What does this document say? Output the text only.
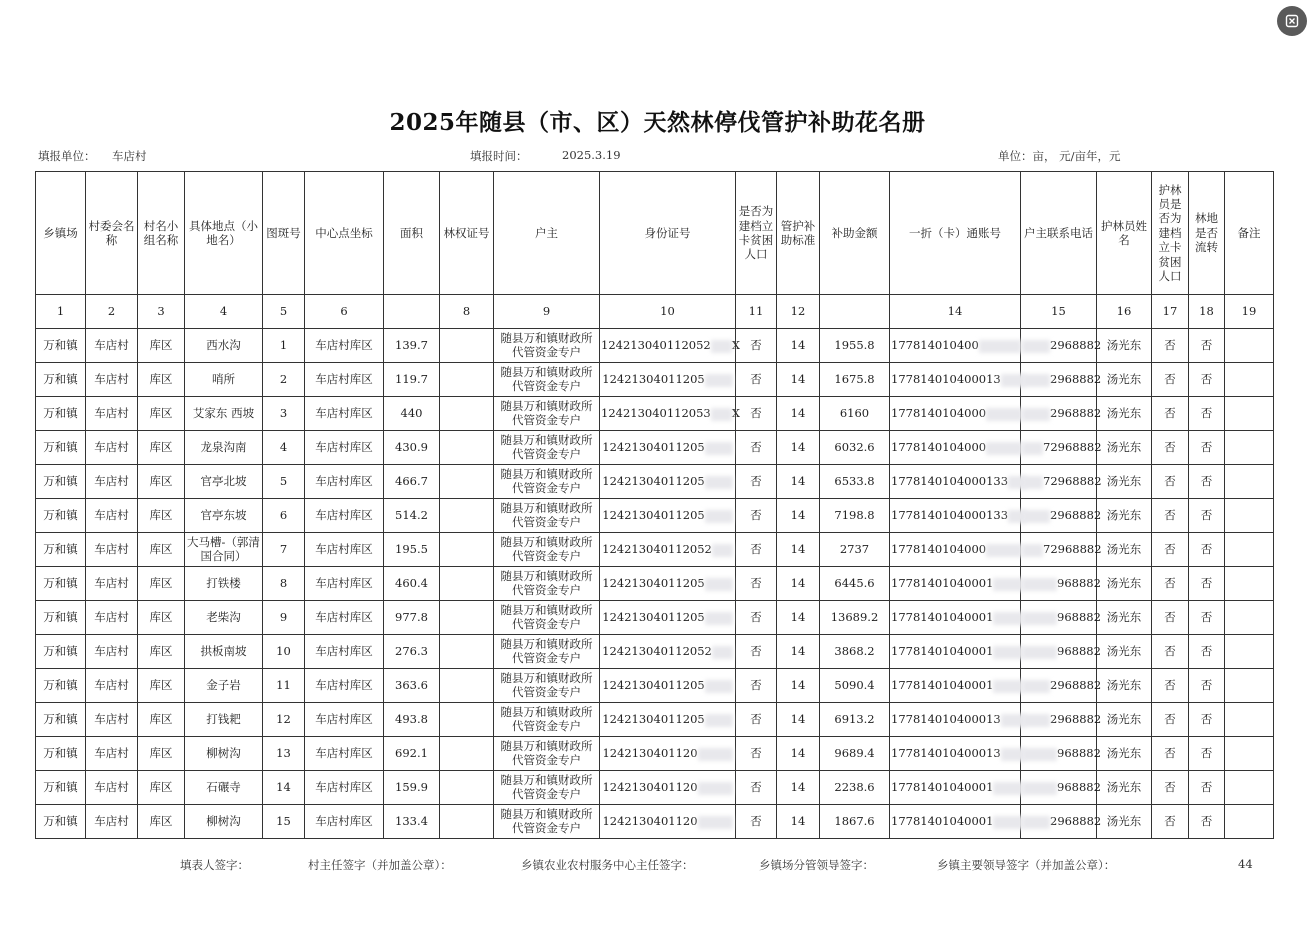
2025年随县（市、区）天然林停伐管护补助花名册
填报单位： 车店村	填报时间：	2025.3.19	单位：亩， 元/亩年，元
乡镇场	村委会名称	村名小组名称	具体地点（小地名）	图斑号	中心点坐标	面积	林权证号	户主	身份证号	是否为建档立卡贫困人口	管护补助标准	补助金额	一折（卡）通账号	户主联系电话	护林员姓名	护林员是否为建档立卡贫困人口	林地是否流转	备注
1	2	3	4	5	6		8	9	10	11	12		14	15	16	17	18	19
万和镇	车店村	库区	西水沟	1	车店村库区	139.7		随县万和镇财政所代管资金专户	124213040112052 X	否	14	1955.8	177814010400	2968882	汤光东	否	否	
万和镇	车店村	库区	哨所	2	车店村库区	119.7		随县万和镇财政所代管资金专户	12421304011205	否	14	1675.8	177814010400013	2968882	汤光东	否	否	
万和镇	车店村	库区	艾家东 西坡	3	车店村库区	440		随县万和镇财政所代管资金专户	124213040112053 X	否	14	6160	1778140104000	2968882	汤光东	否	否	
万和镇	车店村	库区	龙泉沟南	4	车店村库区	430.9		随县万和镇财政所代管资金专户	12421304011205	否	14	6032.6	1778140104000	72968882	汤光东	否	否	
万和镇	车店村	库区	官亭北坡	5	车店村库区	466.7		随县万和镇财政所代管资金专户	12421304011205	否	14	6533.8	1778140104000133	72968882	汤光东	否	否	
万和镇	车店村	库区	官亭东坡	6	车店村库区	514.2		随县万和镇财政所代管资金专户	12421304011205	否	14	7198.8	1778140104000133	2968882	汤光东	否	否	
万和镇	车店村	库区	大马槽-（郭清国合同）	7	车店村库区	195.5		随县万和镇财政所代管资金专户	124213040112052	否	14	2737	1778140104000	72968882	汤光东	否	否	
万和镇	车店村	库区	打铁楼	8	车店村库区	460.4		随县万和镇财政所代管资金专户	12421304011205	否	14	6445.6	17781401040001	968882	汤光东	否	否	
万和镇	车店村	库区	老柴沟	9	车店村库区	977.8		随县万和镇财政所代管资金专户	12421304011205	否	14	13689.2	17781401040001	968882	汤光东	否	否	
万和镇	车店村	库区	拱板南坡	10	车店村库区	276.3		随县万和镇财政所代管资金专户	124213040112052	否	14	3868.2	17781401040001	968882	汤光东	否	否	
万和镇	车店村	库区	金子岩	11	车店村库区	363.6		随县万和镇财政所代管资金专户	12421304011205	否	14	5090.4	17781401040001	2968882	汤光东	否	否	
万和镇	车店村	库区	打钱耙	12	车店村库区	493.8		随县万和镇财政所代管资金专户	12421304011205	否	14	6913.2	177814010400013	2968882	汤光东	否	否	
万和镇	车店村	库区	柳树沟	13	车店村库区	692.1		随县万和镇财政所代管资金专户	1242130401120	否	14	9689.4	177814010400013	968882	汤光东	否	否	
万和镇	车店村	库区	石碾寺	14	车店村库区	159.9		随县万和镇财政所代管资金专户	1242130401120	否	14	2238.6	17781401040001	968882	汤光东	否	否	
万和镇	车店村	库区	柳树沟	15	车店村库区	133.4		随县万和镇财政所代管资金专户	1242130401120	否	14	1867.6	17781401040001	2968882	汤光东	否	否	
填表人签字：	村主任签字（并加盖公章）：	乡镇农业农村服务中心主任签字：	乡镇场分管领导签字：	乡镇主要领导签字（并加盖公章）：	44
